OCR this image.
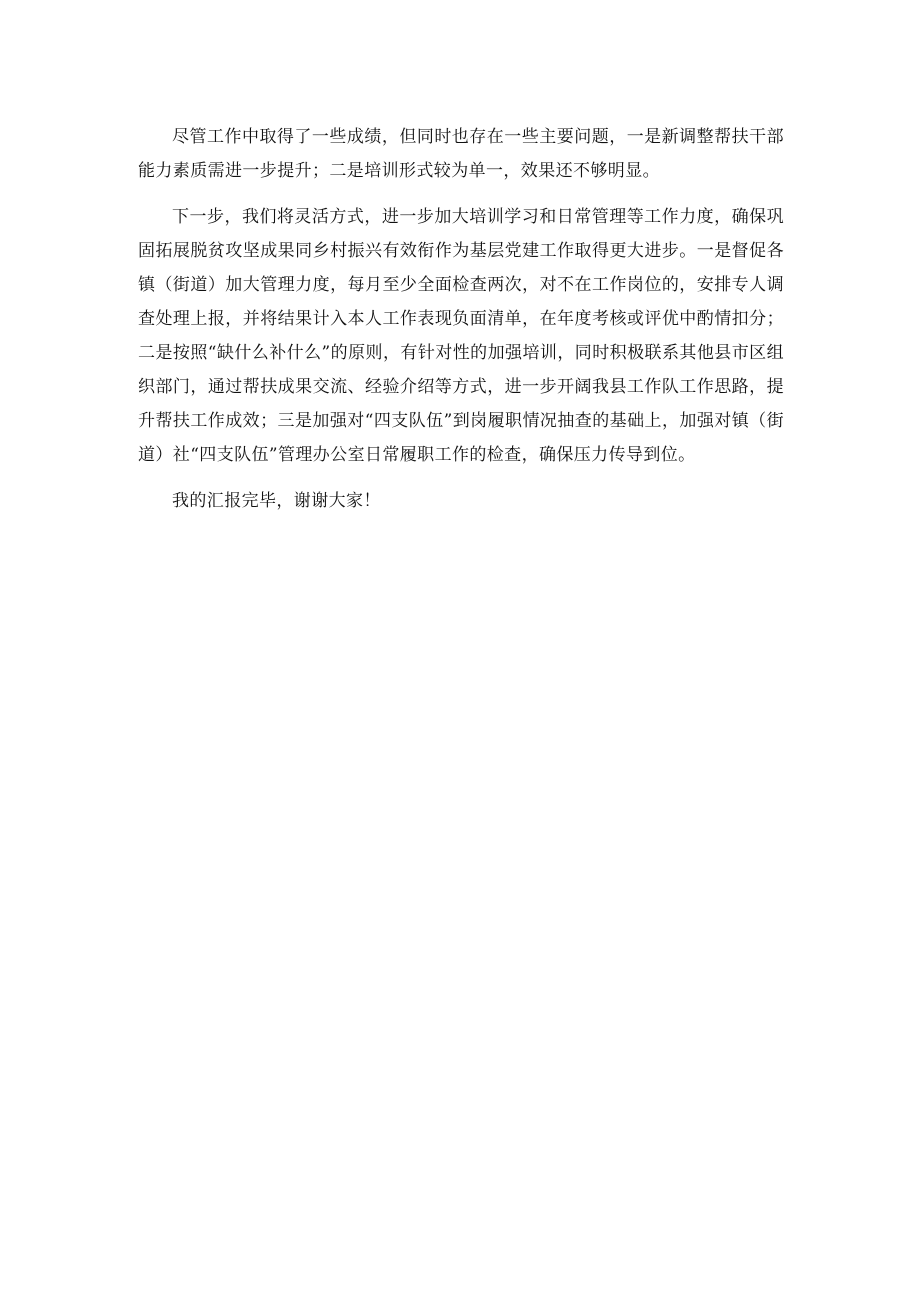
尽管工作中取得了一些成绩，但同时也存在一些主要问题，一是新调整帮扶干部能力素质需进一步提升；二是培训形式较为单一，效果还不够明显。

下一步，我们将灵活方式，进一步加大培训学习和日常管理等工作力度，确保巩固拓展脱贫攻坚成果同乡村振兴有效衔作为基层党建工作取得更大进步。一是督促各镇（街道）加大管理力度，每月至少全面检查两次，对不在工作岗位的，安排专人调查处理上报，并将结果计入本人工作表现负面清单，在年度考核或评优中酌情扣分；二是按照“缺什么补什么”的原则，有针对性的加强培训，同时积极联系其他县市区组织部门，通过帮扶成果交流、经验介绍等方式，进一步开阔我县工作队工作思路，提升帮扶工作成效；三是加强对“四支队伍”到岗履职情况抽查的基础上，加强对镇（街道）社“四支队伍”管理办公室日常履职工作的检查，确保压力传导到位。

我的汇报完毕，谢谢大家！
